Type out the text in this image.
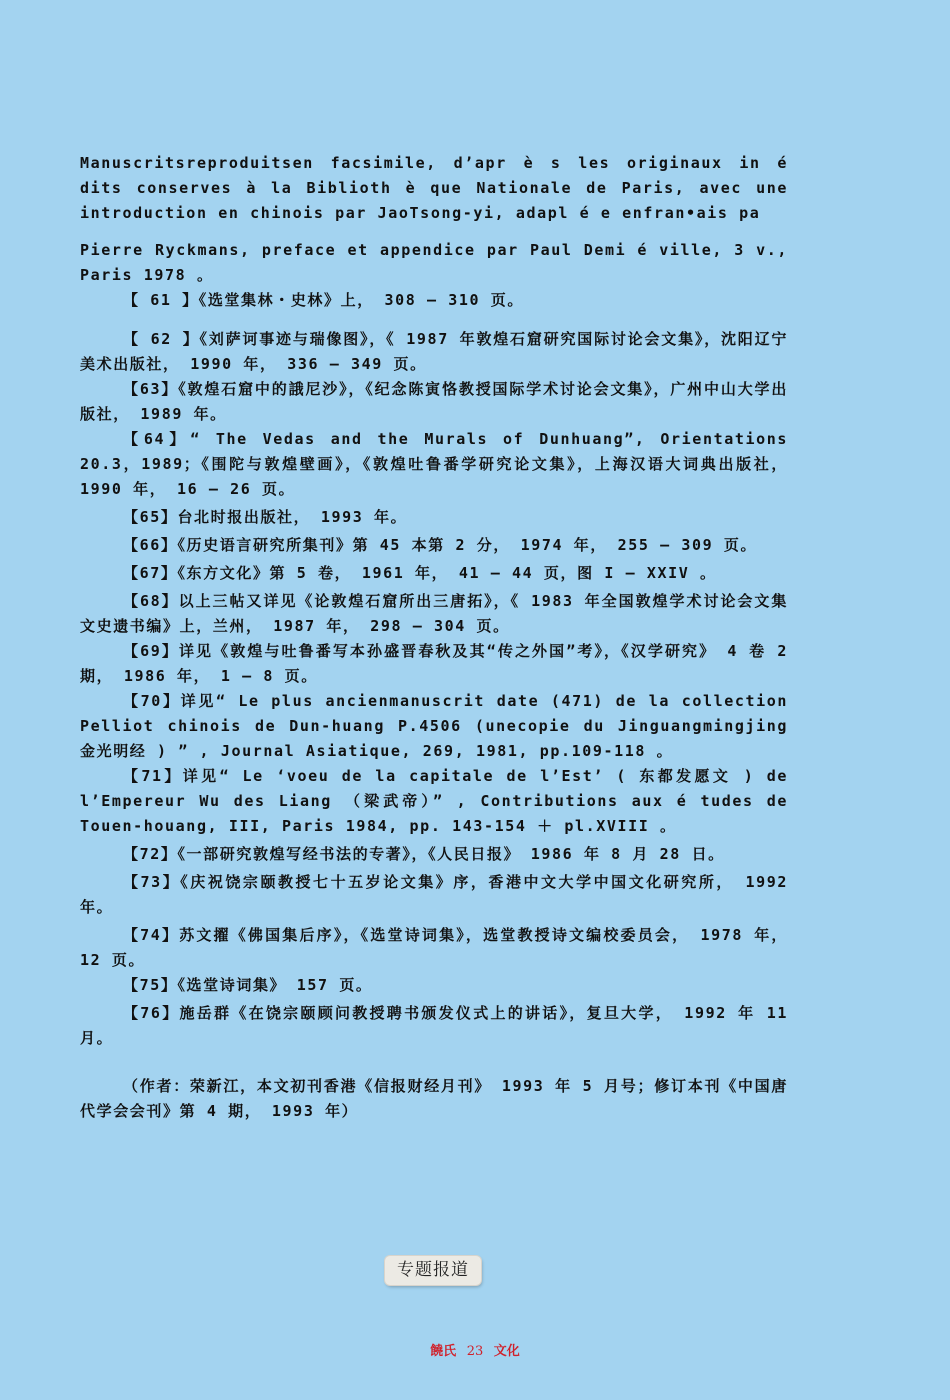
Manuscritsreproduitsen facsimile, d’apr è s les originaux in é dits conserves à la Biblioth è que Nationale de Paris, avec une introduction en chinois par JaoTsong-yi, adapl é e enfran•ais pa

Pierre Ryckmans, preface et appendice par Paul Demi é ville, 3 v., Paris 1978 。

【 61 】《选堂集林・史林》上， 308 — 310 页。

【 62 】《刘萨诃事迹与瑞像图》，《 1987 年敦煌石窟研究国际讨论会文集》，沈阳辽宁美术出版社， 1990 年， 336 — 349 页。

【63】《敦煌石窟中的誐尼沙》，《纪念陈寅恪教授国际学术讨论会文集》，广州中山大学出版社， 1989 年。

【64】“ The Vedas and the Murals of Dunhuang”, Orientations 20.3，1989；《围陀与敦煌壁画》，《敦煌吐鲁番学研究论文集》，上海汉语大词典出版社， 1990 年， 16 — 26 页。

【65】台北时报出版社， 1993 年。

【66】《历史语言研究所集刊》第 45 本第 2 分， 1974 年， 255 — 309 页。

【67】《东方文化》第 5 卷， 1961 年， 41 — 44 页，图 I — XXIV 。

【68】以上三帖又详见《论敦煌石窟所出三唐拓》，《 1983 年全国敦煌学术讨论会文集文史遗书编》上，兰州， 1987 年， 298 — 304 页。

【69】详见《敦煌与吐鲁番写本孙盛晋春秋及其“传之外国”考》，《汉学研究》 4 卷 2 期， 1986 年， 1 — 8 页。

【70】详见“ Le plus ancienmanuscrit date (471) de la collection Pelliot chinois de Dun-huang P.4506 (unecopie du Jinguangmingjing 金光明经 ) ” , Journal Asiatique, 269, 1981, pp.109-118 。

【71】详见“ Le ‘voeu de la capitale de l’Est’ ( 东都发愿文 ) de l’Empereur Wu des Liang （梁武帝）” , Contributions aux é tudes de Touen-houang, III, Paris 1984, pp. 143-154 ＋ pl.XVIII 。

【72】《一部研究敦煌写经书法的专著》，《人民日报》 1986 年 8 月 28 日。

【73】《庆祝饶宗颐教授七十五岁论文集》序，香港中文大学中国文化研究所， 1992 年。

【74】苏文擢《佛国集后序》，《选堂诗词集》，选堂教授诗文编校委员会， 1978 年， 12 页。

【75】《选堂诗词集》 157 页。

【76】施岳群《在饶宗颐顾问教授聘书颁发仪式上的讲话》，复旦大学， 1992 年 11 月。

（作者：荣新江，本文初刊香港《信报财经月刊》 1993 年 5 月号；修订本刊《中国唐代学会会刊》第 4 期， 1993 年）

专题报道
饒氏 23 文化
